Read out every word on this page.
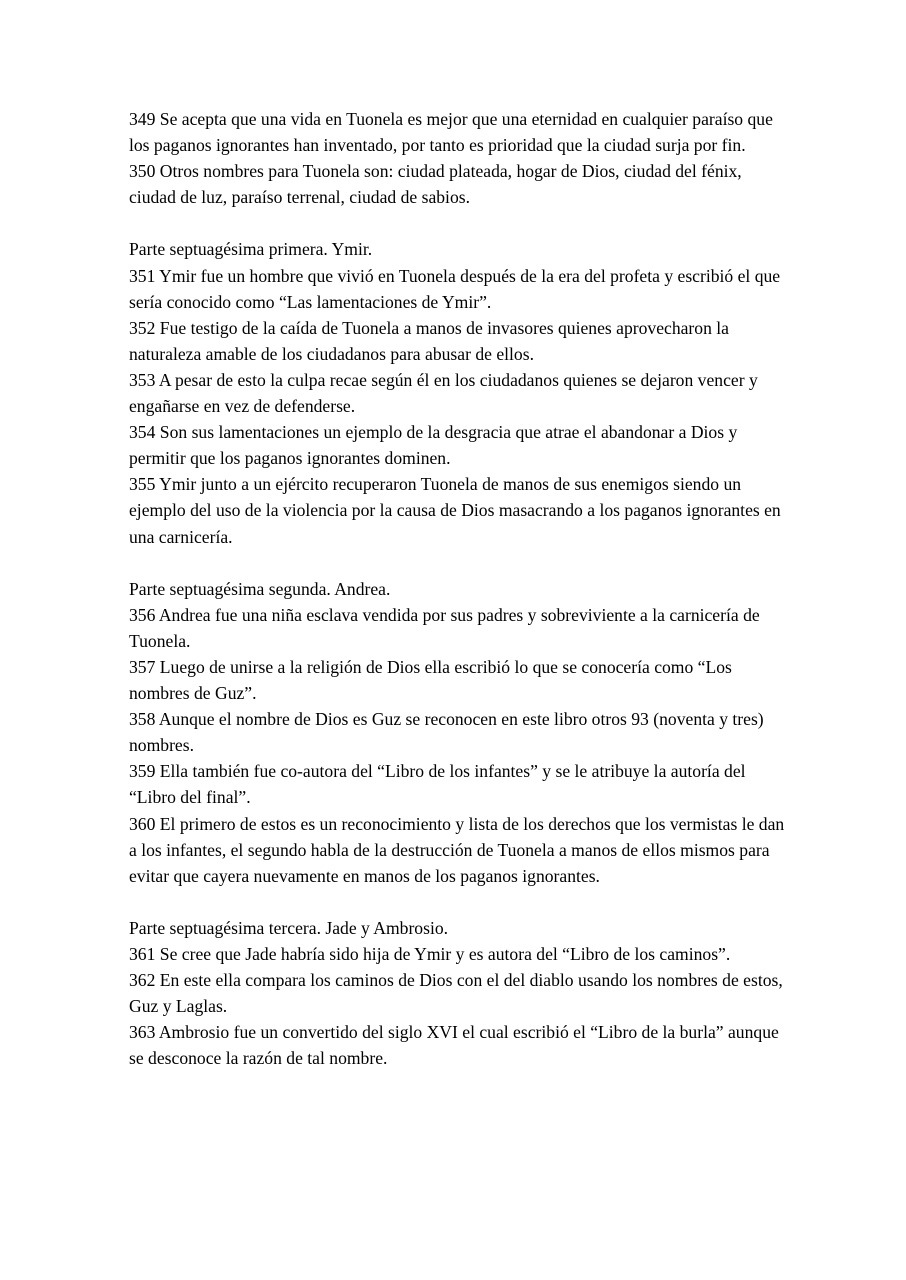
349 Se acepta que una vida en Tuonela es mejor que una eternidad en cualquier paraíso que los paganos ignorantes han inventado, por tanto es prioridad que la ciudad surja por fin.

350 Otros nombres para Tuonela son: ciudad plateada, hogar de Dios, ciudad del fénix, ciudad de luz, paraíso terrenal, ciudad de sabios.

Parte septuagésima primera. Ymir.

351 Ymir fue un hombre que vivió en Tuonela después de la era del profeta y escribió el que sería conocido como “Las lamentaciones de Ymir”.

352 Fue testigo de la caída de Tuonela a manos de invasores quienes aprovecharon la naturaleza amable de los ciudadanos para abusar de ellos.

353 A pesar de esto la culpa recae según él en los ciudadanos quienes se dejaron vencer y engañarse en vez de defenderse.

354 Son sus lamentaciones un ejemplo de la desgracia que atrae el abandonar a Dios y permitir que los paganos ignorantes dominen.

355 Ymir junto a un ejército recuperaron Tuonela de manos de sus enemigos siendo un ejemplo del uso de la violencia por la causa de Dios masacrando a los paganos ignorantes en una carnicería.

Parte septuagésima segunda. Andrea.

356 Andrea fue una niña esclava vendida por sus padres y sobreviviente a la carnicería de Tuonela.

357 Luego de unirse a la religión de Dios ella escribió lo que se conocería como “Los nombres de Guz”.

358 Aunque el nombre de Dios es Guz se reconocen en este libro otros 93 (noventa y tres) nombres.

359 Ella también fue co-autora del “Libro de los infantes” y se le atribuye la autoría del “Libro del final”.

360 El primero de estos es un reconocimiento y lista de los derechos que los vermistas le dan a los infantes, el segundo habla de la destrucción de Tuonela a manos de ellos mismos para evitar que cayera nuevamente en manos de los paganos ignorantes.

Parte septuagésima tercera. Jade y Ambrosio.

361 Se cree que Jade habría sido hija de Ymir y es autora del “Libro de los caminos”.

362 En este ella compara los caminos de Dios con el del diablo usando los nombres de estos, Guz y Laglas.

363 Ambrosio fue un convertido del siglo XVI el cual escribió el “Libro de la burla” aunque se desconoce la razón de tal nombre.
